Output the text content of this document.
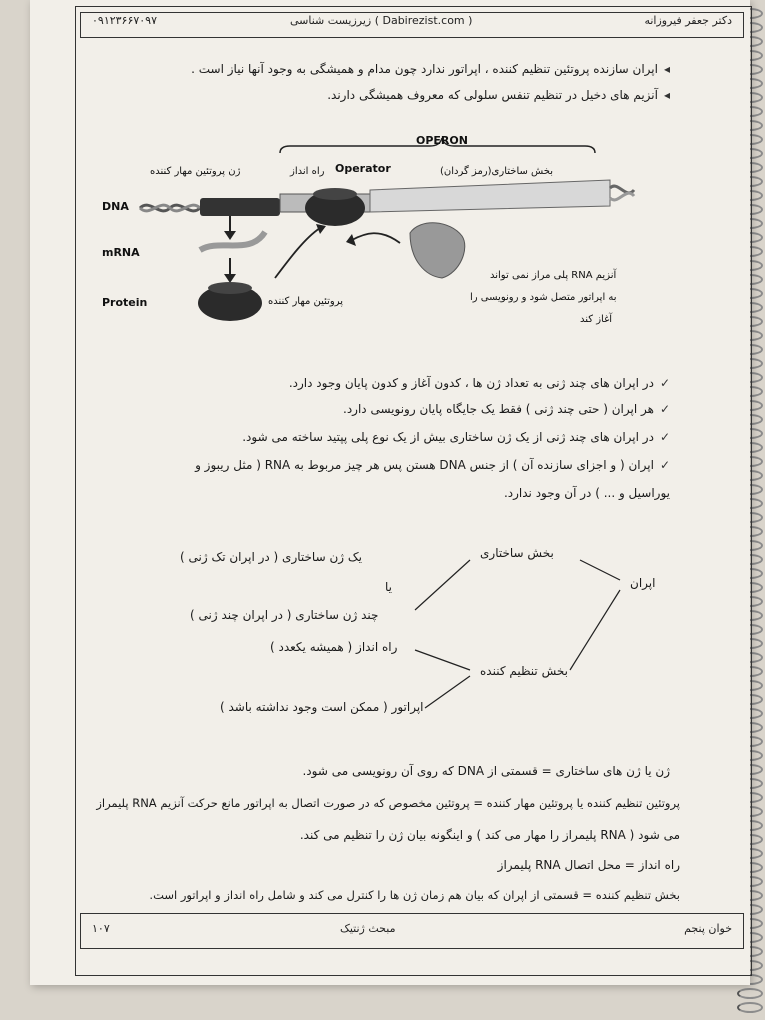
۰۹۱۲۳۶۶۷۰۹۷	زیرزیست شناسی ( Dabirezist.com )	دکتر جعفر فیروزانه
◂اپران سازنده پروتئین تنظیم کننده ، اپراتور ندارد چون مدام و همیشگی به وجود آنها نیاز است .
◂آنزیم های دخیل در تنظیم تنفس سلولی که معروف همیشگی دارند.
OPERON
DNA
mRNA
Protein
ژن پروتئین مهار کننده	راه انداز Operator	بخش ساختاری(رمز گردان)
پروتئین مهار کننده
آنزیم RNA پلی مراز نمی تواند
به اپراتور متصل شود و رونویسی را
آغاز کند
✓در اپران های چند ژنی به تعداد ژن ها ، کدون آغاز و کدون پایان وجود دارد.
✓هر اپران ( حتی چند ژنی ) فقط یک جایگاه پایان رونویسی دارد.
✓در اپران های چند ژنی از یک ژن ساختاری بیش از یک نوع پلی پپتید ساخته می شود.
✓اپران ( و اجزای سازنده آن ) از جنس DNA هستن پس هر چیز مربوط به RNA ( مثل ریبوز و
یوراسیل و ... ) در آن وجود ندارد.
اپران
بخش ساختاری
بخش تنظیم کننده
یک ژن ساختاری ( در اپران تک ژنی )
یا
چند ژن ساختاری ( در اپران چند ژنی )
راه انداز ( همیشه یکعدد )
اپراتور ( ممکن است وجود نداشته باشد )
ژن یا ژن های ساختاری = قسمتی از DNA که روی آن رونویسی می شود.
پروتئین تنظیم کننده یا پروتئین مهار کننده = پروتئین مخصوص که در صورت اتصال به اپراتور مانع حرکت آنزیم RNA پلیمراز
می شود ( RNA پلیمراز را مهار می کند ) و اینگونه بیان ژن را تنظیم می کند.
راه انداز = محل اتصال RNA پلیمراز
بخش تنظیم کننده = قسمتی از اپران که بیان هم زمان ژن ها را کنترل می کند و شامل راه انداز و اپراتور است.
۱۰۷	مبحث ژنتیک	خوان پنجم
